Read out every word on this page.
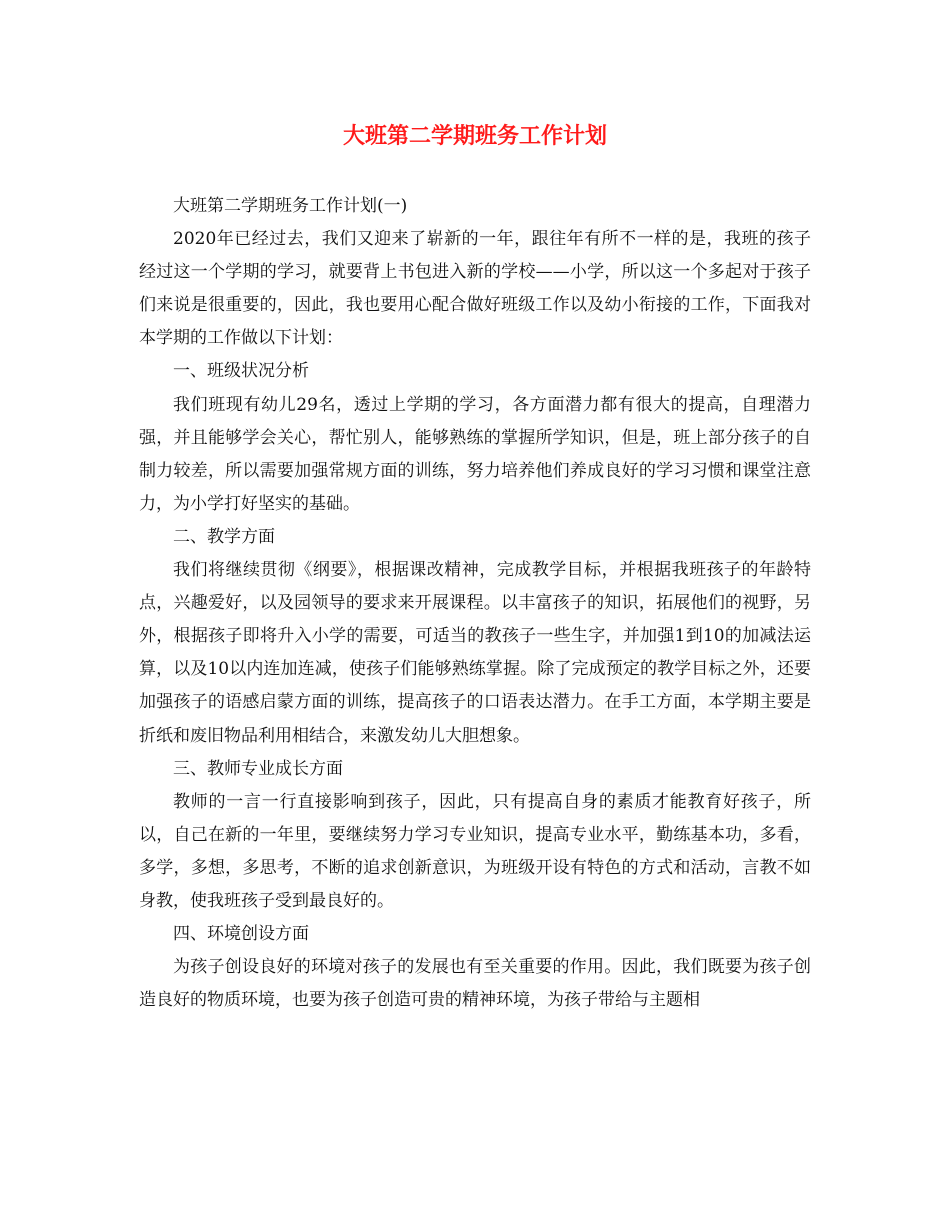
大班第二学期班务工作计划

大班第二学期班务工作计划(一)

2020年已经过去，我们又迎来了崭新的一年，跟往年有所不一样的是，我班的孩子经过这一个学期的学习，就要背上书包进入新的学校——小学，所以这一个多起对于孩子们来说是很重要的，因此，我也要用心配合做好班级工作以及幼小衔接的工作，下面我对本学期的工作做以下计划：

一、班级状况分析

我们班现有幼儿29名，透过上学期的学习，各方面潜力都有很大的提高，自理潜力强，并且能够学会关心，帮忙别人，能够熟练的掌握所学知识，但是，班上部分孩子的自制力较差，所以需要加强常规方面的训练，努力培养他们养成良好的学习习惯和课堂注意力，为小学打好坚实的基础。

二、教学方面

我们将继续贯彻《纲要》，根据课改精神，完成教学目标，并根据我班孩子的年龄特点，兴趣爱好，以及园领导的要求来开展课程。以丰富孩子的知识，拓展他们的视野，另外，根据孩子即将升入小学的需要，可适当的教孩子一些生字，并加强1到10的加减法运算，以及10以内连加连减，使孩子们能够熟练掌握。除了完成预定的教学目标之外，还要加强孩子的语感启蒙方面的训练，提高孩子的口语表达潜力。在手工方面，本学期主要是折纸和废旧物品利用相结合，来激发幼儿大胆想象。

三、教师专业成长方面

教师的一言一行直接影响到孩子，因此，只有提高自身的素质才能教育好孩子，所以，自己在新的一年里，要继续努力学习专业知识，提高专业水平，勤练基本功，多看，多学，多想，多思考，不断的追求创新意识，为班级开设有特色的方式和活动，言教不如身教，使我班孩子受到最良好的。

四、环境创设方面

为孩子创设良好的环境对孩子的发展也有至关重要的作用。因此，我们既要为孩子创造良好的物质环境，也要为孩子创造可贵的精神环境，为孩子带给与主题相
